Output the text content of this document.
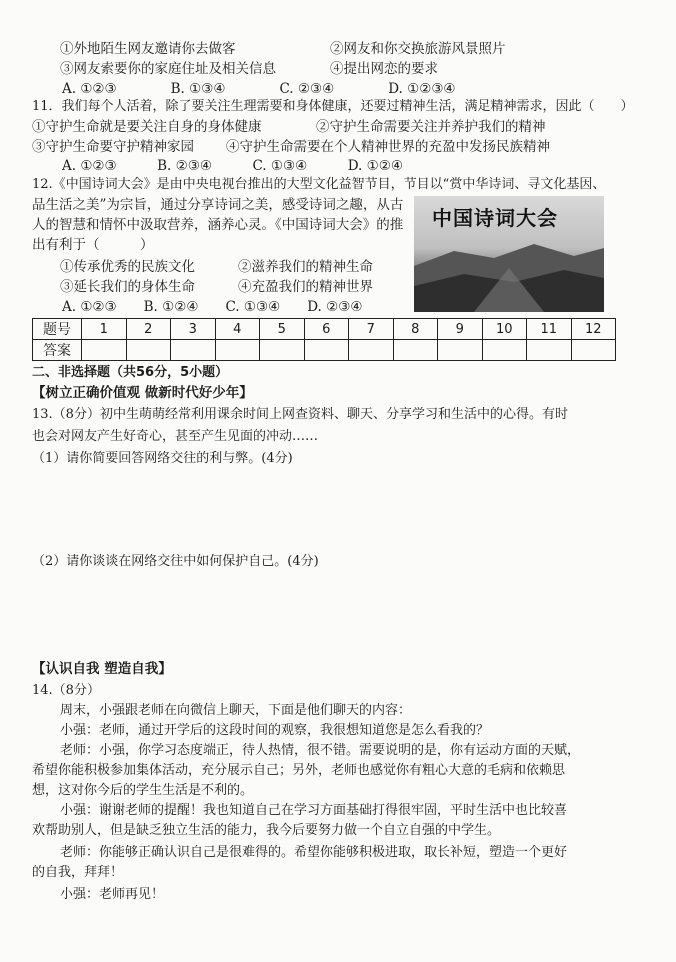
①外地陌生网友邀请你去做客	②网友和你交换旅游风景照片
③网友索要你的家庭住址及相关信息	④提出网恋的要求
A. ①②③　　　　B. ①③④　　　　C. ②③④　　　　D. ①②③④
11．我们每个人活着，除了要关注生理需要和身体健康，还要过精神生活，满足精神需求，因此（　　）
①守护生命就是要关注自身的身体健康	②守护生命需要关注并养护我们的精神
③守护生命要守护精神家园 ④守护生命需要在个人精神世界的充盈中发扬民族精神
A. ①②③　　　B. ②③④　　　C. ①③④　　　D. ①②④
12.《中国诗词大会》是由中央电视台推出的大型文化益智节目，节目以“赏中华诗词、寻文化基因、
品生活之美”为宗旨，通过分享诗词之美，感受诗词之趣，从古
人的智慧和情怀中汲取营养，涵养心灵。《中国诗词大会》的推
出有利于（　　　）
①传承优秀的民族文化	②滋养我们的精神生命
③延长我们的身体生命	④充盈我们的精神世界
A. ①②③　　B. ①②④　　C. ①③④　　D. ②③④
中国诗词大会
题号	1	2	3	4	5	6	7	8	9	10	11	12
答案												
二、非选择题（共56分，5小题）
【树立正确价值观 做新时代好少年】
13.（8分）初中生萌萌经常利用课余时间上网查资料、聊天、分享学习和生活中的心得。有时
也会对网友产生好奇心，甚至产生见面的冲动……
（1）请你简要回答网络交往的利与弊。(4分)
（2）请你谈谈在网络交往中如何保护自己。(4分)
【认识自我 塑造自我】
14.（8分）
周末，小强跟老师在向微信上聊天，下面是他们聊天的内容：
小强：老师，通过开学后的这段时间的观察，我很想知道您是怎么看我的？
老师：小强，你学习态度端正，待人热情，很不错。需要说明的是，你有运动方面的天赋，
希望你能积极参加集体活动，充分展示自己；另外，老师也感觉你有粗心大意的毛病和依赖思
想，这对你今后的学生生活是不利的。
小强：谢谢老师的提醒！我也知道自己在学习方面基础打得很牢固，平时生活中也比较喜
欢帮助别人，但是缺乏独立生活的能力，我今后要努力做一个自立自强的中学生。
老师：你能够正确认识自己是很难得的。希望你能够积极进取，取长补短，塑造一个更好
的自我，拜拜！
小强：老师再见！
